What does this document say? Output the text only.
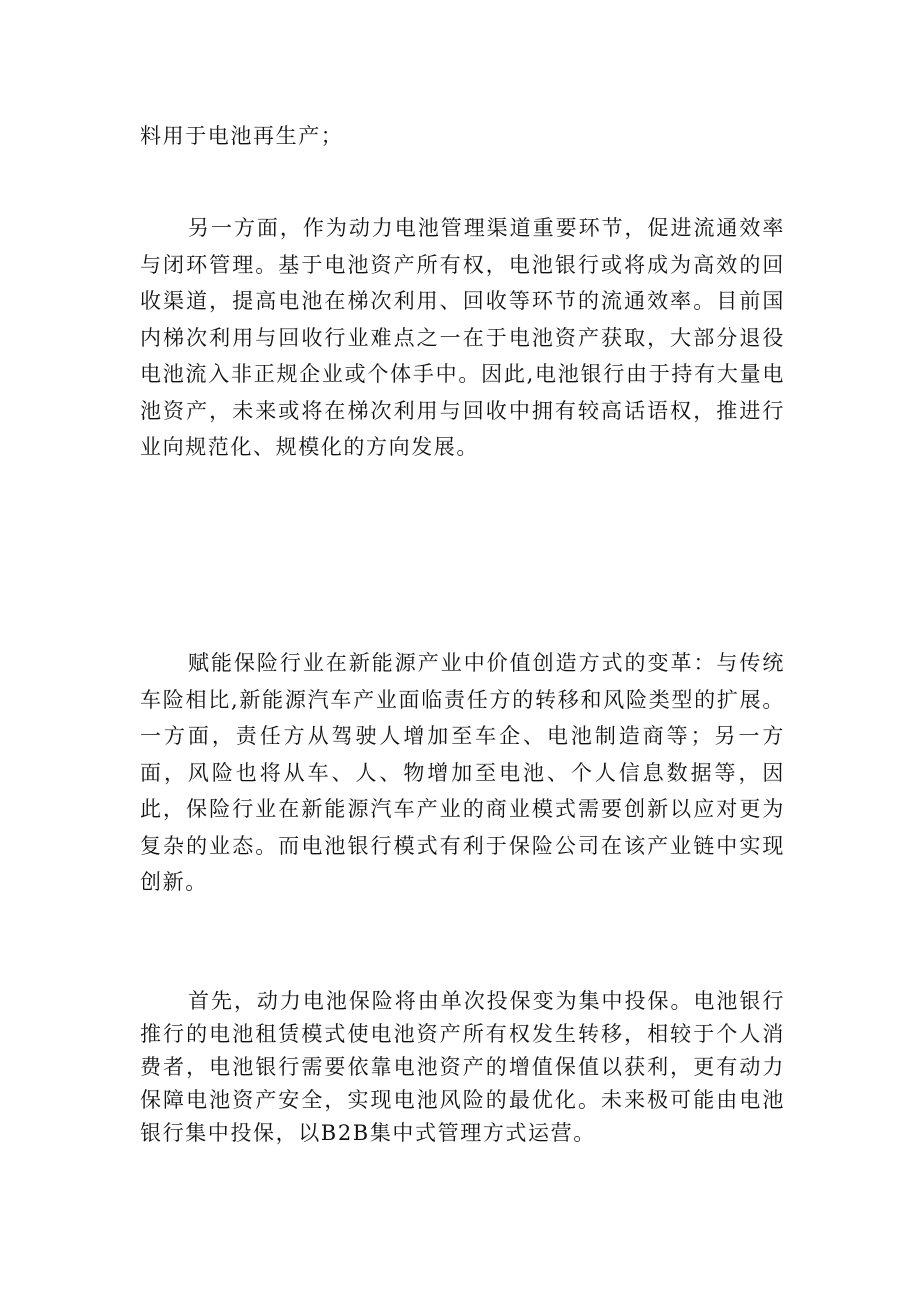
料用于电池再生产；

另一方面，作为动力电池管理渠道重要环节，促进流通效率与闭环管理。基于电池资产所有权，电池银行或将成为高效的回收渠道，提高电池在梯次利用、回收等环节的流通效率。目前国内梯次利用与回收行业难点之一在于电池资产获取，大部分退役电池流入非正规企业或个体手中。因此,电池银行由于持有大量电池资产，未来或将在梯次利用与回收中拥有较高话语权，推进行业向规范化、规模化的方向发展。

赋能保险行业在新能源产业中价值创造方式的变革：与传统车险相比,新能源汽车产业面临责任方的转移和风险类型的扩展。一方面，责任方从驾驶人增加至车企、电池制造商等；另一方面，风险也将从车、人、物增加至电池、个人信息数据等，因此，保险行业在新能源汽车产业的商业模式需要创新以应对更为复杂的业态。而电池银行模式有利于保险公司在该产业链中实现创新。

首先，动力电池保险将由单次投保变为集中投保。电池银行推行的电池租赁模式使电池资产所有权发生转移，相较于个人消费者，电池银行需要依靠电池资产的增值保值以获利，更有动力保障电池资产安全，实现电池风险的最优化。未来极可能由电池银行集中投保，以B2B集中式管理方式运营。
